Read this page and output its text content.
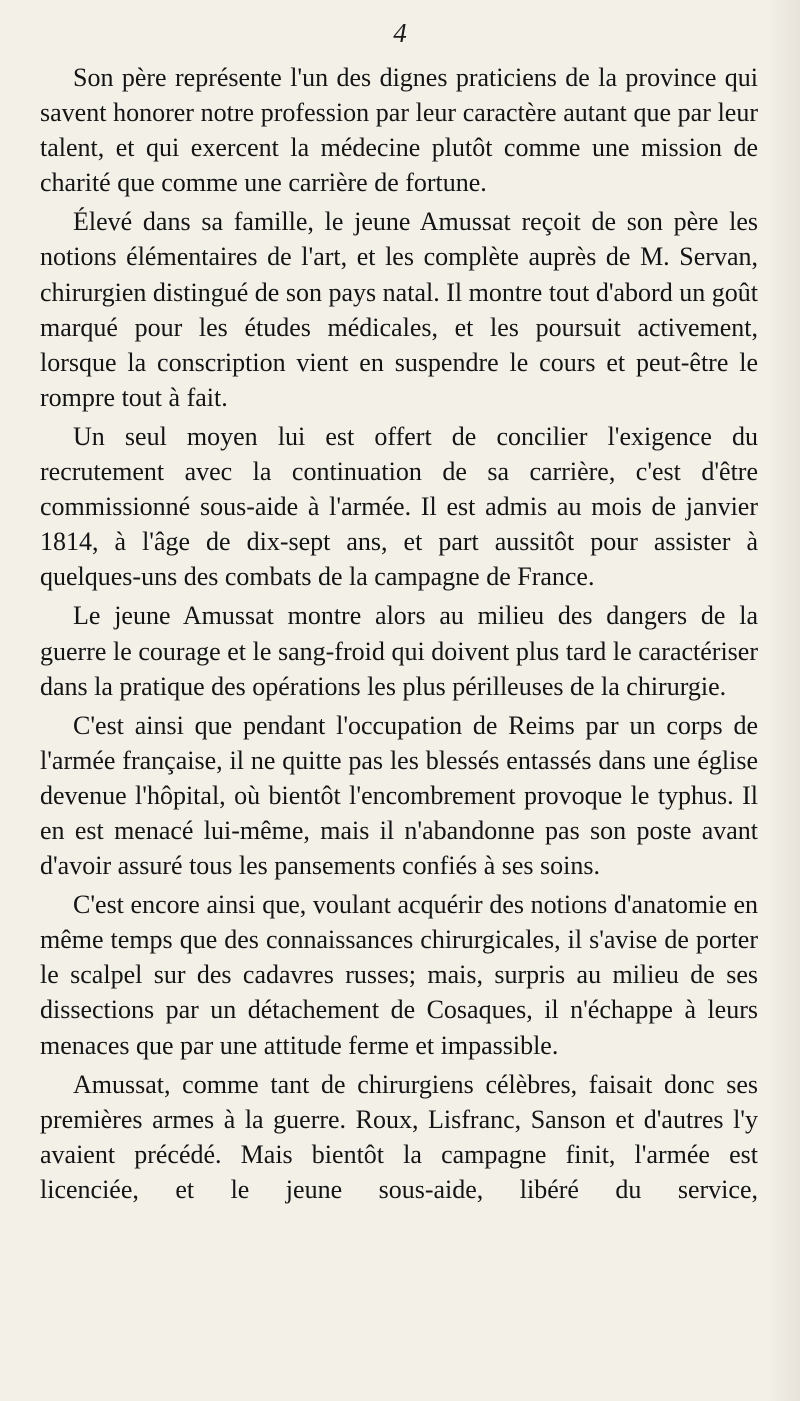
4

Son père représente l'un des dignes praticiens de la province qui savent honorer notre profession par leur caractère autant que par leur talent, et qui exercent la médecine plutôt comme une mission de charité que comme une carrière de fortune.

Élevé dans sa famille, le jeune Amussat reçoit de son père les notions élémentaires de l'art, et les complète auprès de M. Servan, chirurgien distingué de son pays natal. Il montre tout d'abord un goût marqué pour les études médicales, et les poursuit activement, lorsque la conscription vient en suspendre le cours et peut-être le rompre tout à fait.

Un seul moyen lui est offert de concilier l'exigence du recrutement avec la continuation de sa carrière, c'est d'être commissionné sous-aide à l'armée. Il est admis au mois de janvier 1814, à l'âge de dix-sept ans, et part aussitôt pour assister à quelques-uns des combats de la campagne de France.

Le jeune Amussat montre alors au milieu des dangers de la guerre le courage et le sang-froid qui doivent plus tard le caractériser dans la pratique des opérations les plus périlleuses de la chirurgie.

C'est ainsi que pendant l'occupation de Reims par un corps de l'armée française, il ne quitte pas les blessés entassés dans une église devenue l'hôpital, où bientôt l'encombrement provoque le typhus. Il en est menacé lui-même, mais il n'abandonne pas son poste avant d'avoir assuré tous les pansements confiés à ses soins.

C'est encore ainsi que, voulant acquérir des notions d'anatomie en même temps que des connaissances chirurgicales, il s'avise de porter le scalpel sur des cadavres russes; mais, surpris au milieu de ses dissections par un détachement de Cosaques, il n'échappe à leurs menaces que par une attitude ferme et impassible.

Amussat, comme tant de chirurgiens célèbres, faisait donc ses premières armes à la guerre. Roux, Lisfranc, Sanson et d'autres l'y avaient précédé. Mais bientôt la campagne finit, l'armée est licenciée, et le jeune sous-aide, libéré du service,
